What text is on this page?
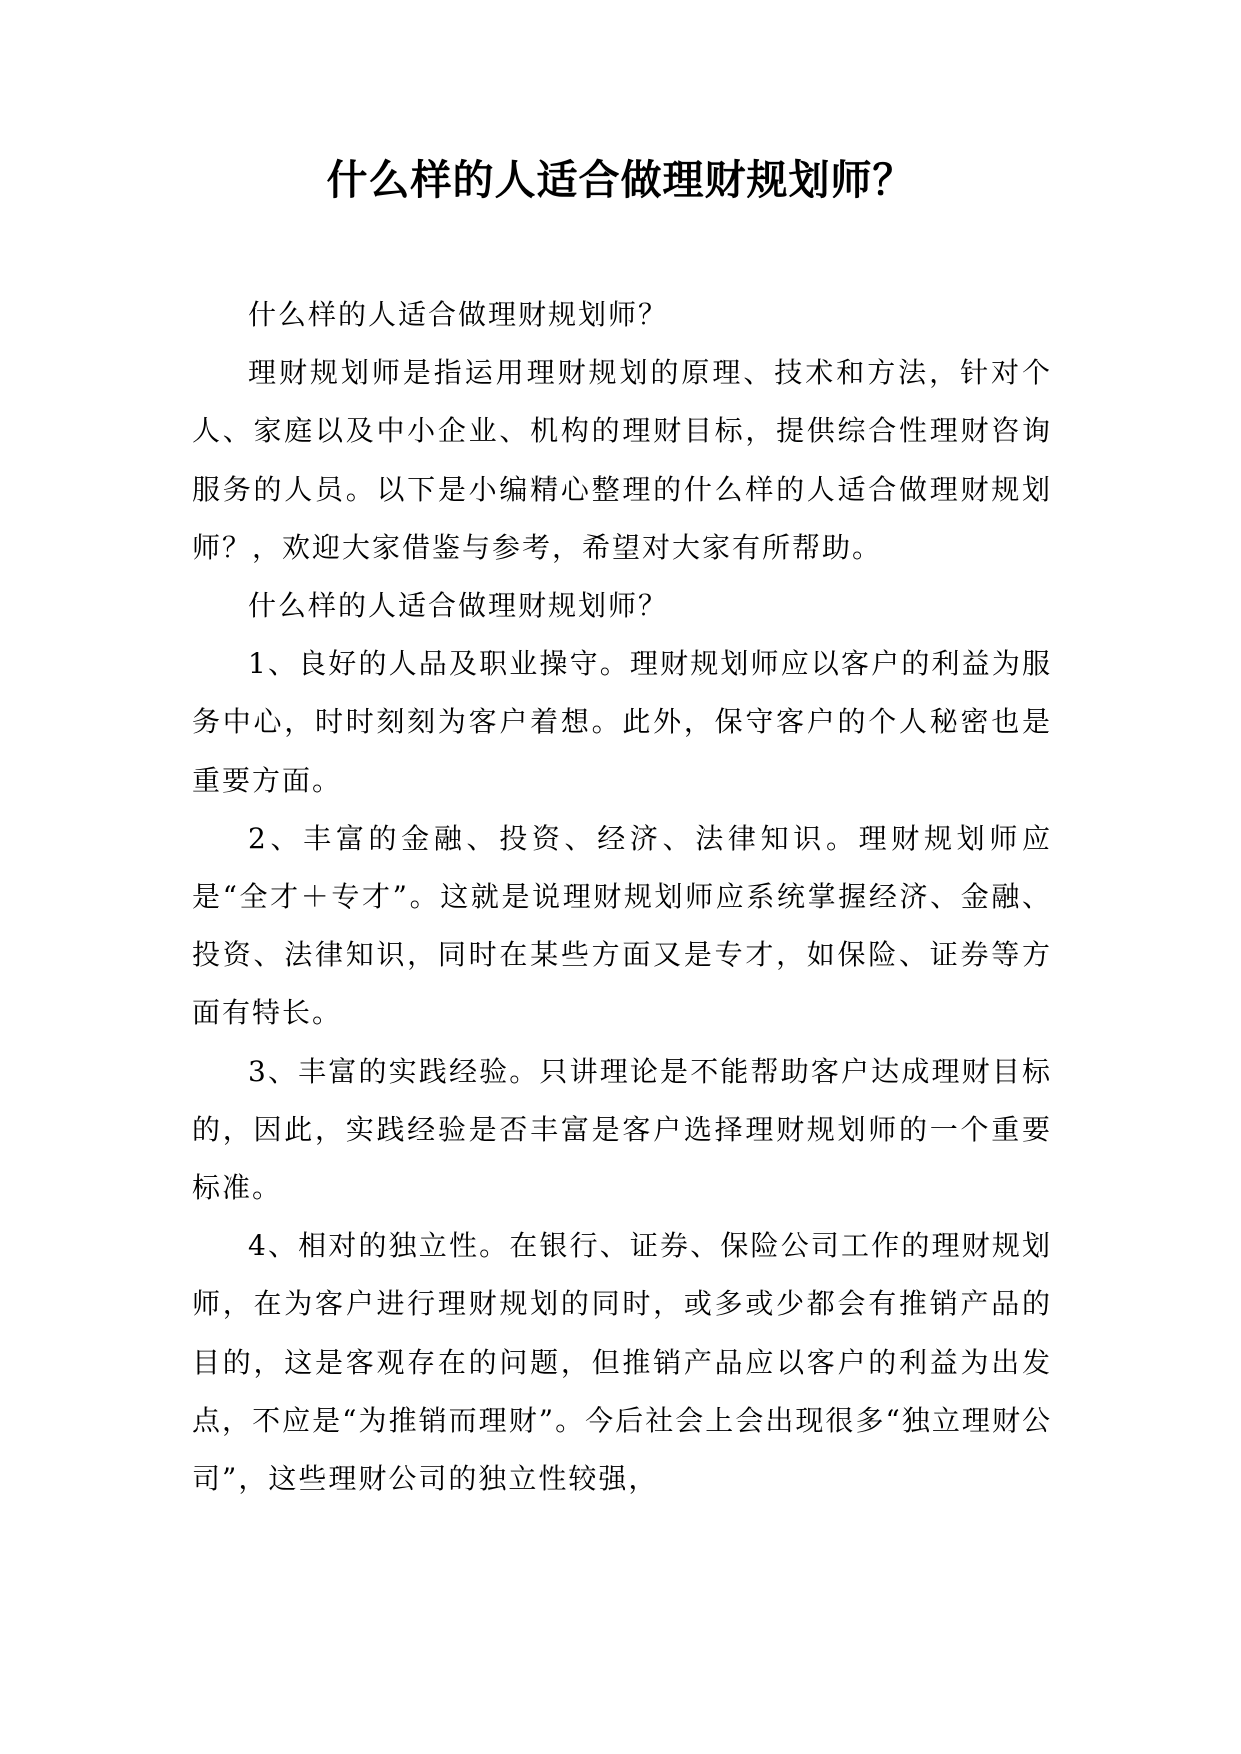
什么样的人适合做理财规划师？

什么样的人适合做理财规划师？

理财规划师是指运用理财规划的原理、技术和方法，针对个人、家庭以及中小企业、机构的理财目标，提供综合性理财咨询服务的人员。以下是小编精心整理的什么样的人适合做理财规划师？，欢迎大家借鉴与参考，希望对大家有所帮助。

什么样的人适合做理财规划师？

1、良好的人品及职业操守。理财规划师应以客户的利益为服务中心，时时刻刻为客户着想。此外，保守客户的个人秘密也是重要方面。

2、丰富的金融、投资、经济、法律知识。理财规划师应是“全才＋专才”。这就是说理财规划师应系统掌握经济、金融、投资、法律知识，同时在某些方面又是专才，如保险、证券等方面有特长。

3、丰富的实践经验。只讲理论是不能帮助客户达成理财目标的，因此，实践经验是否丰富是客户选择理财规划师的一个重要标准。

4、相对的独立性。在银行、证券、保险公司工作的理财规划师，在为客户进行理财规划的同时，或多或少都会有推销产品的目的，这是客观存在的问题，但推销产品应以客户的利益为出发点，不应是“为推销而理财”。今后社会上会出现很多“独立理财公司”，这些理财公司的独立性较强，
